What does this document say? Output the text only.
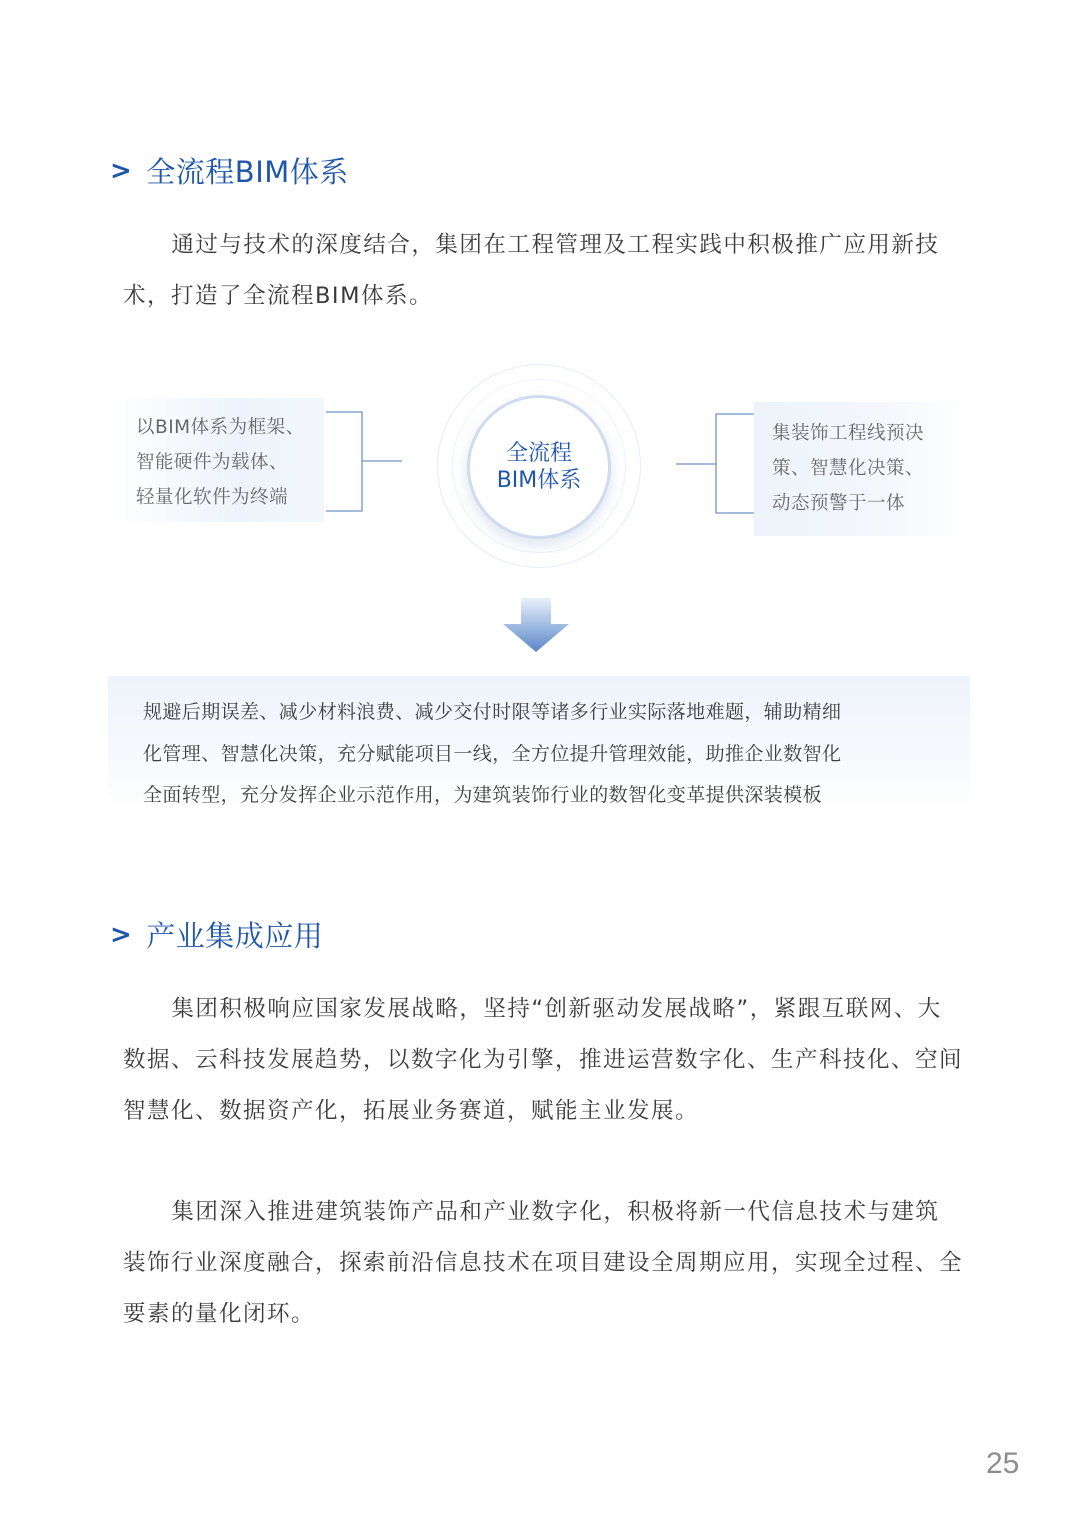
> 全流程BIM体系

通过与技术的深度结合，集团在工程管理及工程实践中积极推广应用新技术，打造了全流程BIM体系。

以BIM体系为框架、
智能硬件为载体、
轻量化软件为终端
全流程
BIM体系
集装饰工程线预决
策、智慧化决策、
动态预警于一体
规避后期误差、减少材料浪费、减少交付时限等诸多行业实际落地难题，辅助精细
化管理、智慧化决策，充分赋能项目一线，全方位提升管理效能，助推企业数智化
全面转型，充分发挥企业示范作用，为建筑装饰行业的数智化变革提供深装模板
> 产业集成应用

集团积极响应国家发展战略，坚持“创新驱动发展战略”，紧跟互联网、大数据、云科技发展趋势，以数字化为引擎，推进运营数字化、生产科技化、空间智慧化、数据资产化，拓展业务赛道，赋能主业发展。

集团深入推进建筑装饰产品和产业数字化，积极将新一代信息技术与建筑装饰行业深度融合，探索前沿信息技术在项目建设全周期应用，实现全过程、全要素的量化闭环。

25
